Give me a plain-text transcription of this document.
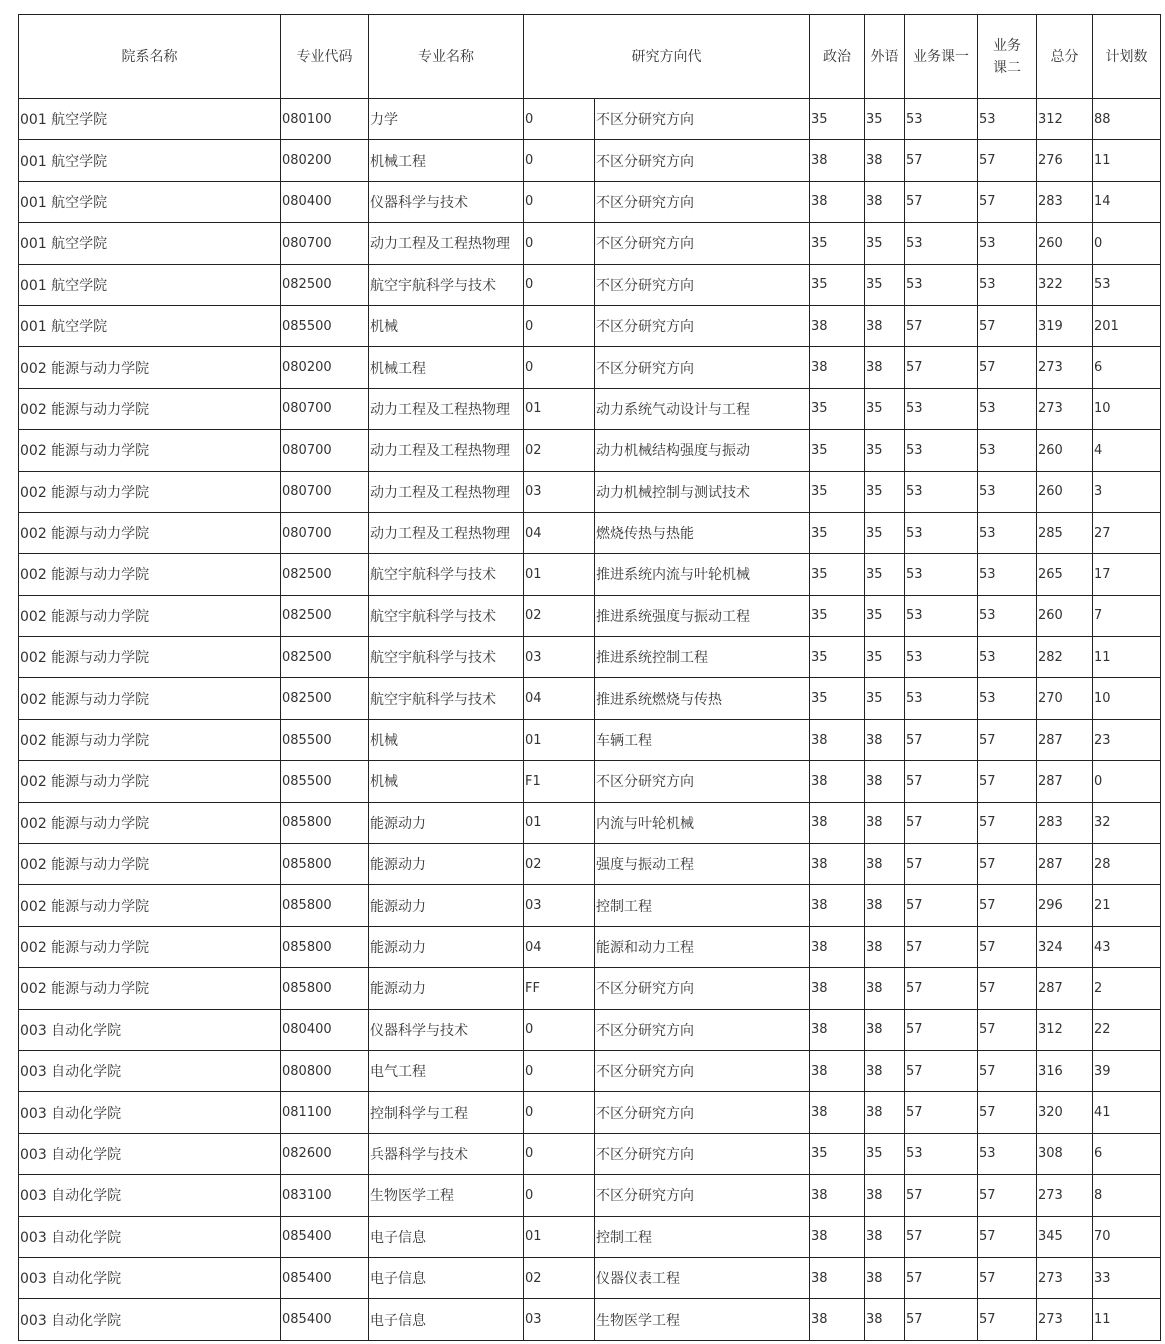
院系名称	专业代码	专业名称	研究方向代		政治	外语	业务课一	业务课二	总分	计划数
001 航空学院	080100	力学	0	不区分研究方向	35	35	53	53	312	88
001 航空学院	080200	机械工程	0	不区分研究方向	38	38	57	57	276	11
001 航空学院	080400	仪器科学与技术	0	不区分研究方向	38	38	57	57	283	14
001 航空学院	080700	动力工程及工程热物理	0	不区分研究方向	35	35	53	53	260	0
001 航空学院	082500	航空宇航科学与技术	0	不区分研究方向	35	35	53	53	322	53
001 航空学院	085500	机械	0	不区分研究方向	38	38	57	57	319	201
002 能源与动力学院	080200	机械工程	0	不区分研究方向	38	38	57	57	273	6
002 能源与动力学院	080700	动力工程及工程热物理	01	动力系统气动设计与工程	35	35	53	53	273	10
002 能源与动力学院	080700	动力工程及工程热物理	02	动力机械结构强度与振动	35	35	53	53	260	4
002 能源与动力学院	080700	动力工程及工程热物理	03	动力机械控制与测试技术	35	35	53	53	260	3
002 能源与动力学院	080700	动力工程及工程热物理	04	燃烧传热与热能	35	35	53	53	285	27
002 能源与动力学院	082500	航空宇航科学与技术	01	推进系统内流与叶轮机械	35	35	53	53	265	17
002 能源与动力学院	082500	航空宇航科学与技术	02	推进系统强度与振动工程	35	35	53	53	260	7
002 能源与动力学院	082500	航空宇航科学与技术	03	推进系统控制工程	35	35	53	53	282	11
002 能源与动力学院	082500	航空宇航科学与技术	04	推进系统燃烧与传热	35	35	53	53	270	10
002 能源与动力学院	085500	机械	01	车辆工程	38	38	57	57	287	23
002 能源与动力学院	085500	机械	F1	不区分研究方向	38	38	57	57	287	0
002 能源与动力学院	085800	能源动力	01	内流与叶轮机械	38	38	57	57	283	32
002 能源与动力学院	085800	能源动力	02	强度与振动工程	38	38	57	57	287	28
002 能源与动力学院	085800	能源动力	03	控制工程	38	38	57	57	296	21
002 能源与动力学院	085800	能源动力	04	能源和动力工程	38	38	57	57	324	43
002 能源与动力学院	085800	能源动力	FF	不区分研究方向	38	38	57	57	287	2
003 自动化学院	080400	仪器科学与技术	0	不区分研究方向	38	38	57	57	312	22
003 自动化学院	080800	电气工程	0	不区分研究方向	38	38	57	57	316	39
003 自动化学院	081100	控制科学与工程	0	不区分研究方向	38	38	57	57	320	41
003 自动化学院	082600	兵器科学与技术	0	不区分研究方向	35	35	53	53	308	6
003 自动化学院	083100	生物医学工程	0	不区分研究方向	38	38	57	57	273	8
003 自动化学院	085400	电子信息	01	控制工程	38	38	57	57	345	70
003 自动化学院	085400	电子信息	02	仪器仪表工程	38	38	57	57	273	33
003 自动化学院	085400	电子信息	03	生物医学工程	38	38	57	57	273	11
